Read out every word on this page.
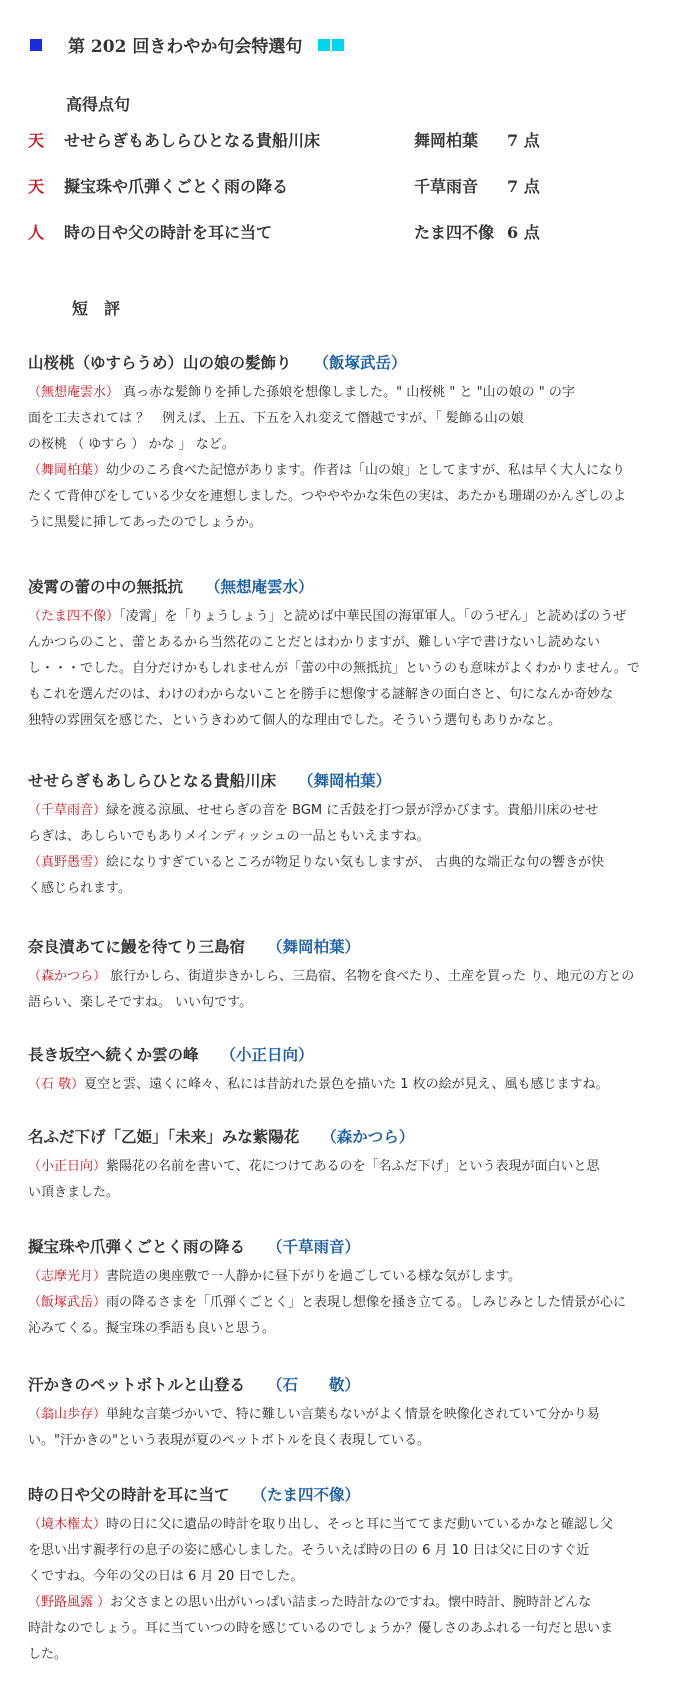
第 202 回きわやか句会特選句
高得点句
天	せせらぎもあしらひとなる貴船川床	舞岡柏葉	7 点
天	擬宝珠や爪弾くごとく雨の降る	千草雨音	7 点
人	時の日や父の時計を耳に当て	たま四不像 6 点
短　評
山桜桃（ゆすらうめ）山の娘の髪飾り （飯塚武岳）
（無想庵雲水） 真っ赤な髪飾りを挿した孫娘を想像しました。" 山桜桃 " と "山の娘の " の字
面を工夫されては ？　例えば、上五、下五を入れ変えて僭越ですが、「 髪飾る山の娘
の桜桃 （ ゆすら ） かな 」 など。
（舞岡柏葉）幼少のころ食べた記憶があります。作者は「山の娘」としてますが、私は早く大人になり
たくて背伸びをしている少女を連想しました。つやややかな朱色の実は、あたかも珊瑚のかんざしのよ
うに黒髪に挿してあったのでしょうか。
凌霄の蕾の中の無抵抗 （無想庵雲水）
（たま四不像）「凌霄」を「りょうしょう」と読めば中華民国の海軍軍人。「のうぜん」と読めばのうぜ
んかつらのこと、蕾とあるから当然花のことだとはわかりますが、難しい字で書けないし読めない
し・・・でした。自分だけかもしれませんが「蕾の中の無抵抗」というのも意味がよくわかりません。で
もこれを選んだのは、わけのわからないことを勝手に想像する謎解きの面白さと、句になんか奇妙な
独特の雰囲気を感じた、というきわめて個人的な理由でした。そういう選句もありかなと。
せせらぎもあしらひとなる貴船川床 （舞岡柏葉）
（千草雨音）緑を渡る涼風、せせらぎの音を BGM に舌鼓を打つ景が浮かびます。貴船川床のせせ
らぎは、あしらいでもありメインディッシュの一品ともいえますね。
（真野愚雪）絵になりすぎているところが物足りない気もしますが、 古典的な端正な句の響きが快
く感じられます。
奈良漬あてに鰻を待てり三島宿 （舞岡柏葉）
（森かつら） 旅行かしら、街道歩きかしら、三島宿、名物を食べたり、土産を買った り、地元の方との
語らい、楽しそですね。 いい句です。
長き坂空へ続くか雲の峰 （小正日向）
（石 敬）夏空と雲、遠くに峰々、私には昔訪れた景色を描いた 1 枚の絵が見え、風も感じますね。
名ふだ下げ「乙姫」「未来」みな紫陽花 （森かつら）
（小正日向）紫陽花の名前を書いて、花につけてあるのを「名ふだ下げ」という表現が面白いと思
い頂きました。
擬宝珠や爪弾くごとく雨の降る （千草雨音）
（志摩光月）書院造の奥座敷で一人静かに昼下がりを過ごしている様な気がします。
（飯塚武岳）雨の降るさまを「爪弾くごとく」と表現し想像を掻き立てる。しみじみとした情景が心に
沁みてくる。擬宝珠の季語も良いと思う。
汗かきのペットボトルと山登る （石　　敬）
（翁山歩存）単純な言葉づかいで、特に難しい言葉もないがよく情景を映像化されていて分かり易
い。"汗かきの"という表現が夏のペットボトルを良く表現している。
時の日や父の時計を耳に当て （たま四不像）
（境木権太）時の日に父に遺品の時計を取り出し、そっと耳に当ててまだ動いているかなと確認し父
を思い出す親孝行の息子の姿に感心しました。そういえば時の日の 6 月 10 日は父に日のすぐ近
くですね。今年の父の日は 6 月 20 日でした。
（野路風露 ）お父さまとの思い出がいっぱい詰まった時計なのですね。懐中時計、腕時計どんな
時計なのでしょう。耳に当ていつの時を感じているのでしょうか？優しさのあふれる一句だと思いま
した。
